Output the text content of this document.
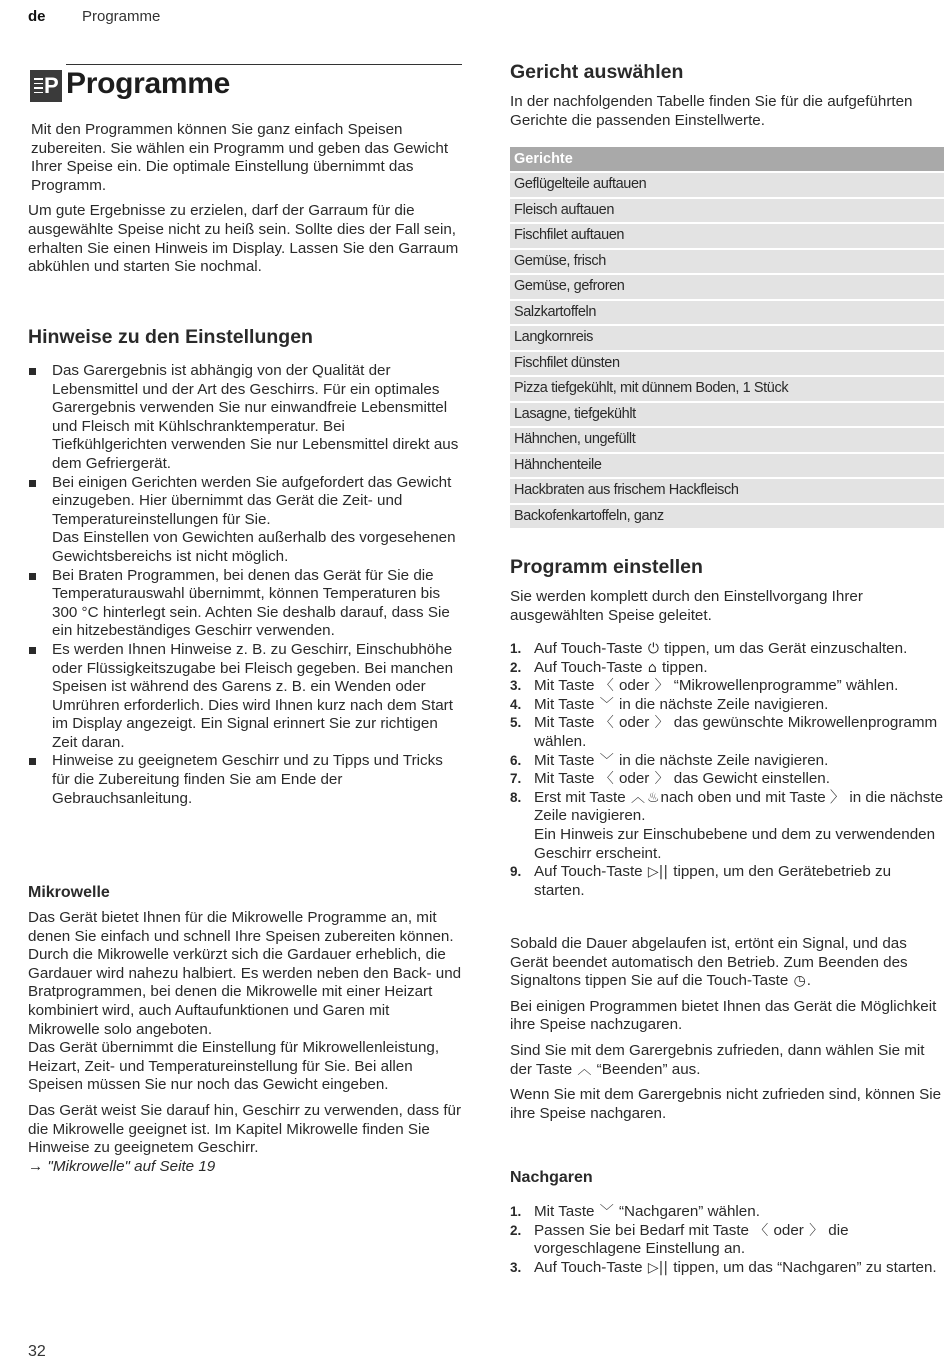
de Programme
P Programme

Mit den Programmen können Sie ganz einfach Speisen zubereiten. Sie wählen ein Programm und geben das Gewicht Ihrer Speise ein. Die optimale Einstellung übernimmt das Programm.

Um gute Ergebnisse zu erzielen, darf der Garraum für die ausgewählte Speise nicht zu heiß sein. Sollte dies der Fall sein, erhalten Sie einen Hinweis im Display. Lassen Sie den Garraum abkühlen und starten Sie nochmal.

Hinweise zu den Einstellungen
Das Garergebnis ist abhängig von der Qualität der Lebensmittel und der Art des Geschirrs. Für ein optimales Garergebnis verwenden Sie nur einwandfreie Lebensmittel und Fleisch mit Kühlschranktemperatur. Bei Tiefkühlgerichten verwenden Sie nur Lebensmittel direkt aus dem Gefriergerät.
Bei einigen Gerichten werden Sie aufgefordert das Gewicht einzugeben. Hier übernimmt das Gerät die Zeit- und Temperatureinstellungen für Sie.
Das Einstellen von Gewichten außerhalb des vorgesehenen Gewichtsbereichs ist nicht möglich.
Bei Braten Programmen, bei denen das Gerät für Sie die Temperaturauswahl übernimmt, können Temperaturen bis 300 °C hinterlegt sein. Achten Sie deshalb darauf, dass Sie ein hitzebeständiges Geschirr verwenden.
Es werden Ihnen Hinweise z. B. zu Geschirr, Einschubhöhe oder Flüssigkeitszugabe bei Fleisch gegeben. Bei manchen Speisen ist während des Garens z. B. ein Wenden oder Umrühren erforderlich. Dies wird Ihnen kurz nach dem Start im Display angezeigt. Ein Signal erinnert Sie zur richtigen Zeit daran.
Hinweise zu geeignetem Geschirr und zu Tipps und Tricks für die Zubereitung finden Sie am Ende der Gebrauchsanleitung.
Mikrowelle

Das Gerät bietet Ihnen für die Mikrowelle Programme an, mit denen Sie einfach und schnell Ihre Speisen zubereiten können. Durch die Mikrowelle verkürzt sich die Gardauer erheblich, die Gardauer wird nahezu halbiert. Es werden neben den Back- und Bratprogrammen, bei denen die Mikrowelle mit einer Heizart kombiniert wird, auch Auftaufunktionen und Garen mit Mikrowelle solo angeboten.

Das Gerät übernimmt die Einstellung für Mikrowellenleistung, Heizart, Zeit- und Temperatureinstellung für Sie. Bei allen Speisen müssen Sie nur noch das Gewicht eingeben.

Das Gerät weist Sie darauf hin, Geschirr zu verwenden, dass für die Mikrowelle geeignet ist. Im Kapitel Mikrowelle finden Sie Hinweise zu geeignetem Geschirr.

→ "Mikrowelle" auf Seite 19

Gericht auswählen
In der nachfolgenden Tabelle finden Sie für die aufgeführten Gerichte die passenden Einstellwerte.
Gerichte
Geflügelteile auftauen
Fleisch auftauen
Fischfilet auftauen
Gemüse, frisch
Gemüse, gefroren
Salzkartoffeln
Langkornreis
Fischfilet dünsten
Pizza tiefgekühlt, mit dünnem Boden, 1 Stück
Lasagne, tiefgekühlt
Hähnchen, ungefüllt
Hähnchenteile
Hackbraten aus frischem Hackfleisch
Backofenkartoffeln, ganz
Programm einstellen
Sie werden komplett durch den Einstellvorgang Ihrer ausgewählten Speise geleitet.
1. Auf Touch-Taste ⏻ tippen, um das Gerät einzuschalten.
2. Auf Touch-Taste ⌂ tippen.
3. Mit Taste 〈 oder 〉 “Mikrowellenprogramme” wählen.
4. Mit Taste ﹀ in die nächste Zeile navigieren.
5. Mit Taste 〈 oder 〉 das gewünschte Mikrowellenprogramm wählen.
6. Mit Taste ﹀ in die nächste Zeile navigieren.
7. Mit Taste 〈 oder 〉 das Gewicht einstellen.
8. Erst mit Taste ︿ ♨nach oben und mit Taste 〉 in die nächste Zeile navigieren.
Ein Hinweis zur Einschubebene und dem zu verwendenden Geschirr erscheint.
9. Auf Touch-Taste ▷|| tippen, um den Gerätebetrieb zu starten.

Sobald die Dauer abgelaufen ist, ertönt ein Signal, und das Gerät beendet automatisch den Betrieb. Zum Beenden des Signaltons tippen Sie auf die Touch-Taste ◷.

Bei einigen Programmen bietet Ihnen das Gerät die Möglichkeit ihre Speise nachzugaren.

Sind Sie mit dem Garergebnis zufrieden, dann wählen Sie mit der Taste ︿ “Beenden” aus.

Wenn Sie mit dem Garergebnis nicht zufrieden sind, können Sie ihre Speise nachgaren.

Nachgaren
1. Mit Taste ﹀ “Nachgaren” wählen.
2. Passen Sie bei Bedarf mit Taste 〈 oder 〉 die vorgeschlagene Einstellung an.
3. Auf Touch-Taste ▷|| tippen, um das “Nachgaren” zu starten.
32
